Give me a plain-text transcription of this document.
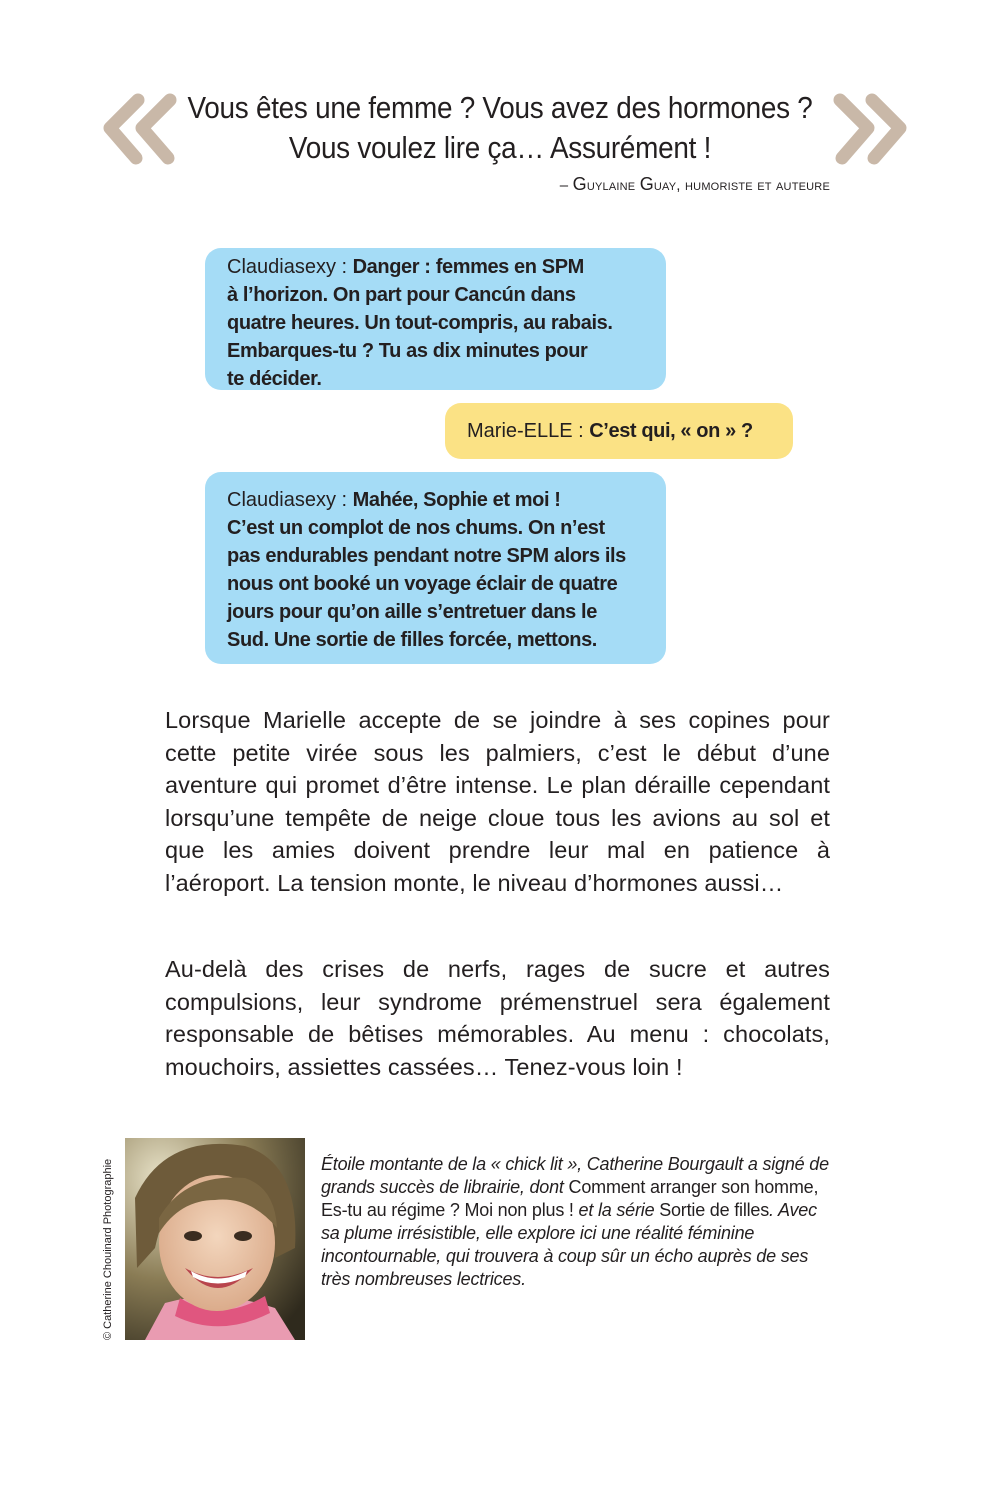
Vous êtes une femme ? Vous avez des hormones ?
Vous voulez lire ça… Assurément !
– Guylaine Guay, humoriste et auteure
Claudiasexy : Danger : femmes en SPM
à l’horizon. On part pour Cancún dans
quatre heures. Un tout-compris, au rabais.
Embarques-tu ? Tu as dix minutes pour
te décider.
Marie-ELLE : C’est qui, « on » ?
Claudiasexy : Mahée, Sophie et moi !
C’est un complot de nos chums. On n’est
pas endurables pendant notre SPM alors ils
nous ont booké un voyage éclair de quatre
jours pour qu’on aille s’entretuer dans le
Sud. Une sortie de filles forcée, mettons.

Lorsque Marielle accepte de se joindre à ses copines pour cette petite virée sous les palmiers, c’est le début d’une aventure qui promet d’être intense. Le plan déraille cependant lorsqu’une tempête de neige cloue tous les avions au sol et que les amies doivent prendre leur mal en patience à l’aéroport. La tension monte, le niveau d’hormones aussi…

Au-delà des crises de nerfs, rages de sucre et autres compulsions, leur syndrome prémenstruel sera également responsable de bêtises mémorables. Au menu : chocolats, mouchoirs, assiettes cassées… Tenez-vous loin !

© Catherine Chouinard Photographie	Étoile montante de la « chick lit », Catherine Bourgault a signé de grands succès de librairie, dont Comment arranger son homme, Es-tu au régime ? Moi non plus ! et la série Sortie de filles. Avec sa plume irrésistible, elle explore ici une réalité féminine incontournable, qui trouvera à coup sûr un écho auprès de ses très nombreuses lectrices.
